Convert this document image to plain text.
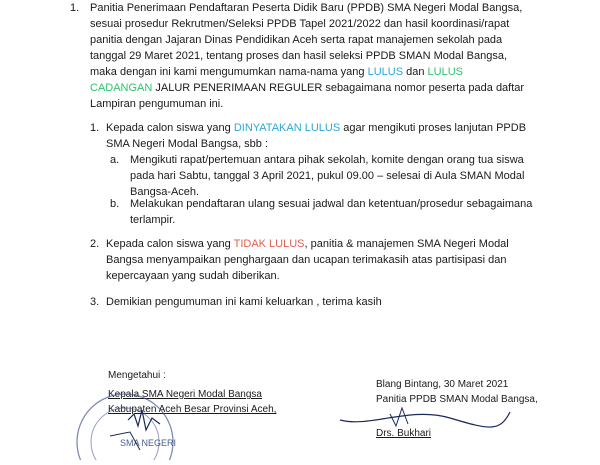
1. Panitia Penerimaan Pendaftaran Peserta Didik Baru (PPDB) SMA Negeri Modal Bangsa,
sesuai prosedur Rekrutmen/Seleksi PPDB Tapel 2021/2022 dan hasil koordinasi/rapat
panitia dengan Jajaran Dinas Pendidikan Aceh serta rapat manajemen sekolah pada
tanggal 29 Maret 2021, tentang proses dan hasil seleksi PPDB SMAN Modal Bangsa,
maka dengan ini kami mengumumkan nama-nama yang LULUS dan LULUS
CADANGAN JALUR PENERIMAAN REGULER sebagaimana nomor peserta pada daftar
Lampiran pengumuman ini.
1. Kepada calon siswa yang DINYATAKAN LULUS agar mengikuti proses lanjutan PPDB
SMA Negeri Modal Bangsa, sbb :
a. Mengikuti rapat/pertemuan antara pihak sekolah, komite dengan orang tua siswa
pada hari Sabtu, tanggal 3 April 2021, pukul 09.00 – selesai di Aula SMAN Modal
Bangsa-Aceh.
b. Melakukan pendaftaran ulang sesuai jadwal dan ketentuan/prosedur sebagaimana
terlampir.
2. Kepada calon siswa yang TIDAK LULUS, panitia & manajemen SMA Negeri Modal
Bangsa menyampaikan penghargaan dan ucapan terimakasih atas partisipasi dan
kepercayaan yang sudah diberikan.
3. Demikian pengumuman ini kami keluarkan , terima kasih
Mengetahui :
Kepala SMA Negeri Modal Bangsa
Kabupaten Aceh Besar Provinsi Aceh,
SMA NEGERI
Blang Bintang, 30 Maret 2021
Panitia PPDB SMAN Modal Bangsa,
Drs. Bukhari
